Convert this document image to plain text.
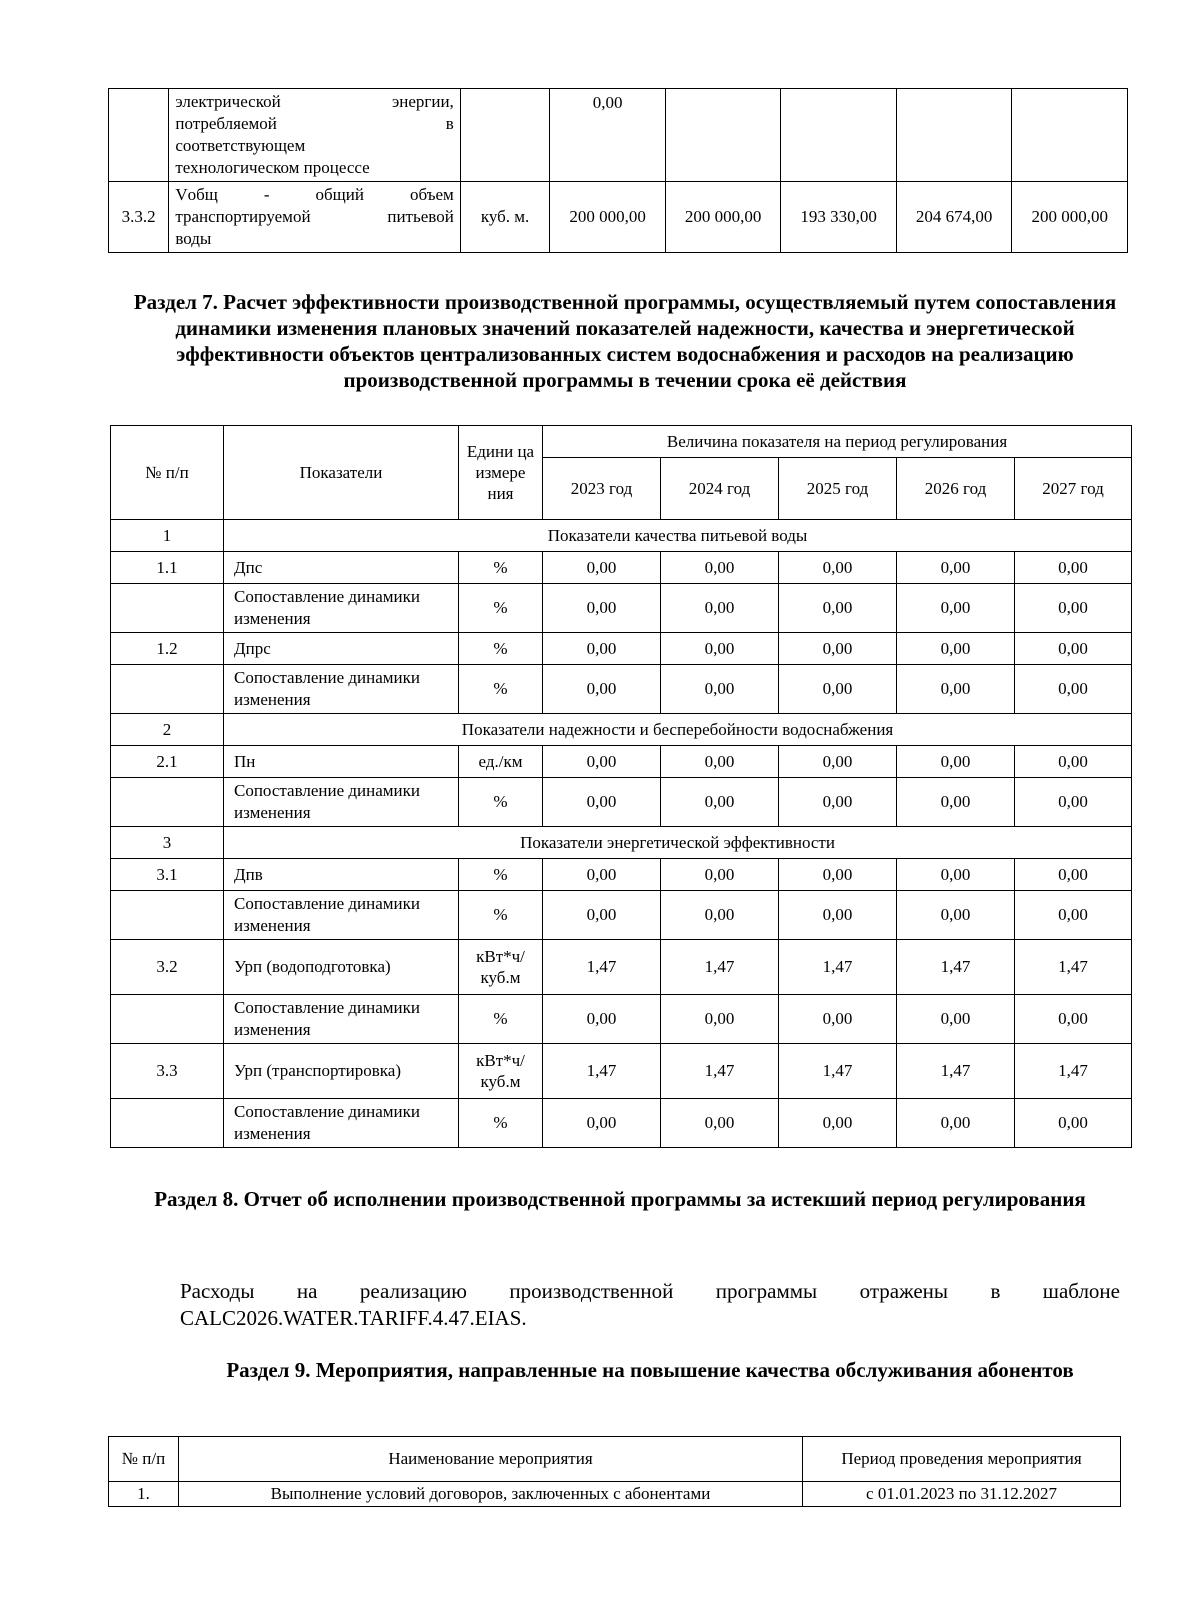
	электрической энергии,
потребляемой в
соответствующем
технологическом процессе		0,00				
3.3.2	Vобщ - общий объем
транспортируемой питьевой
воды	куб. м.	200 000,00	200 000,00	193 330,00	204 674,00	200 000,00
Раздел 7. Расчет эффективности производственной программы, осуществляемый путем сопоставления динамики изменения плановых значений показателей надежности, качества и энергетической эффективности объектов централизованных систем водоснабжения и расходов на реализацию производственной программы в течении срока её действия
№ п/п	Показатели	Едини ца измере ния	Величина показателя на период регулирования				
			2023 год	2024 год	2025 год	2026 год	2027 год
1	Показатели качества питьевой воды						
1.1	Дпс	%	0,00	0,00	0,00	0,00	0,00
	Сопоставление динамики изменения	%	0,00	0,00	0,00	0,00	0,00
1.2	Дпрс	%	0,00	0,00	0,00	0,00	0,00
	Сопоставление динамики изменения	%	0,00	0,00	0,00	0,00	0,00
2	Показатели надежности и бесперебойности водоснабжения						
2.1	Пн	ед./км	0,00	0,00	0,00	0,00	0,00
	Сопоставление динамики изменения	%	0,00	0,00	0,00	0,00	0,00
3	Показатели энергетической эффективности						
3.1	Дпв	%	0,00	0,00	0,00	0,00	0,00
	Сопоставление динамики изменения	%	0,00	0,00	0,00	0,00	0,00
3.2	Урп (водоподготовка)	кВт*ч/ куб.м	1,47	1,47	1,47	1,47	1,47
	Сопоставление динамики изменения	%	0,00	0,00	0,00	0,00	0,00
3.3	Урп (транспортировка)	кВт*ч/ куб.м	1,47	1,47	1,47	1,47	1,47
	Сопоставление динамики изменения	%	0,00	0,00	0,00	0,00	0,00
Раздел 8. Отчет об исполнении производственной программы за истекший период регулирования
Расходы на реализацию производственной программы отражены в шаблоне
CALC2026.WATER.TARIFF.4.47.EIAS.
Раздел 9. Мероприятия, направленные на повышение качества обслуживания абонентов
№ п/п	Наименование мероприятия	Период проведения мероприятия
1.	Выполнение условий договоров, заключенных с абонентами	с 01.01.2023 по 31.12.2027
